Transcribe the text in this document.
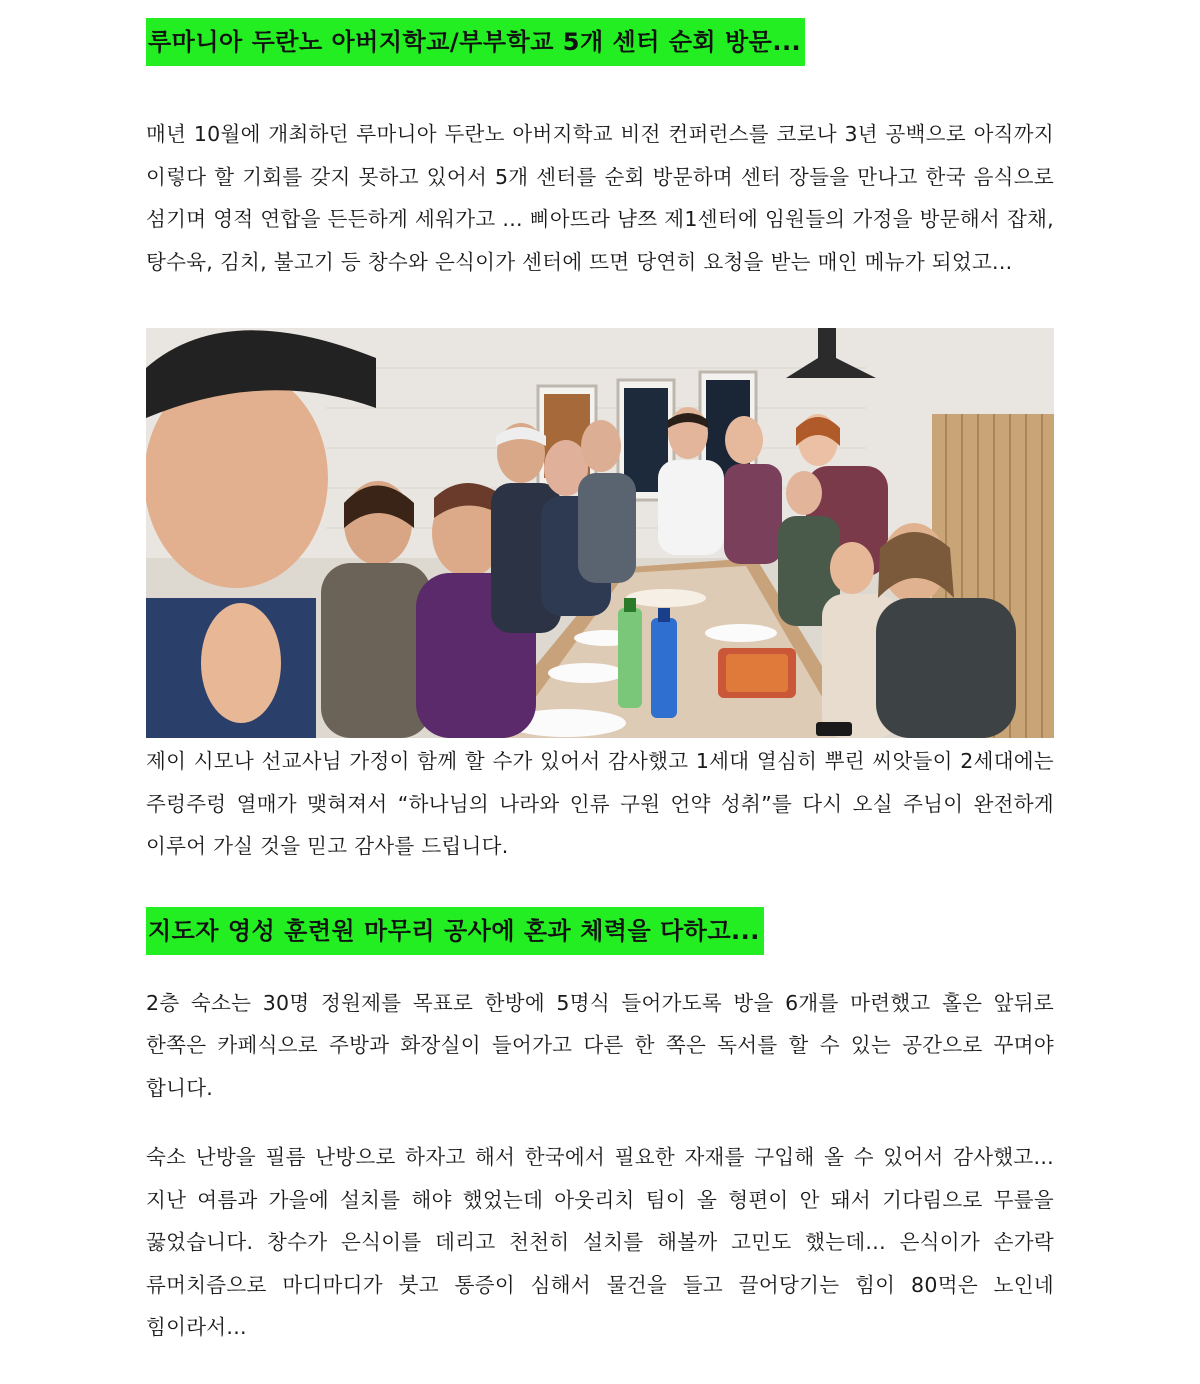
루마니아 두란노 아버지학교/부부학교 5개 센터 순회 방문...

매년 10월에 개최하던 루마니아 두란노 아버지학교 비전 컨퍼런스를 코로나 3년 공백으로 아직까지 이렇다 할 기회를 갖지 못하고 있어서 5개 센터를 순회 방문하며 센터 장들을 만나고 한국 음식으로 섬기며 영적 연합을 든든하게 세워가고 ... 삐아뜨라 냠쯔 제1센터에 임원들의 가정을 방문해서 잡채, 탕수육, 김치, 불고기 등 창수와 은식이가 센터에 뜨면 당연히 요청을 받는 매인 메뉴가 되었고...

제이 시모나 선교사님 가정이 함께 할 수가 있어서 감사했고 1세대 열심히 뿌린 씨앗들이 2세대에는 주렁주렁 열매가 맺혀져서 “하나님의 나라와 인류 구원 언약 성취”를 다시 오실 주님이 완전하게 이루어 가실 것을 믿고 감사를 드립니다.

지도자 영성 훈련원 마무리 공사에 혼과 체력을 다하고...

2층 숙소는 30명 정원제를 목표로 한방에 5명식 들어가도록 방을 6개를 마련했고 홀은 앞뒤로 한쪽은 카페식으로 주방과 화장실이 들어가고 다른 한 쪽은 독서를 할 수 있는 공간으로 꾸며야 합니다.

숙소 난방을 필름 난방으로 하자고 해서 한국에서 필요한 자재를 구입해 올 수 있어서 감사했고... 지난 여름과 가을에 설치를 해야 했었는데 아웃리치 팀이 올 형편이 안 돼서 기다림으로 무릎을 꿇었습니다. 창수가 은식이를 데리고 천천히 설치를 해볼까 고민도 했는데... 은식이가 손가락 류머치즘으로 마디마디가 붓고 통증이 심해서 물건을 들고 끌어당기는 힘이 80먹은 노인네 힘이라서...
